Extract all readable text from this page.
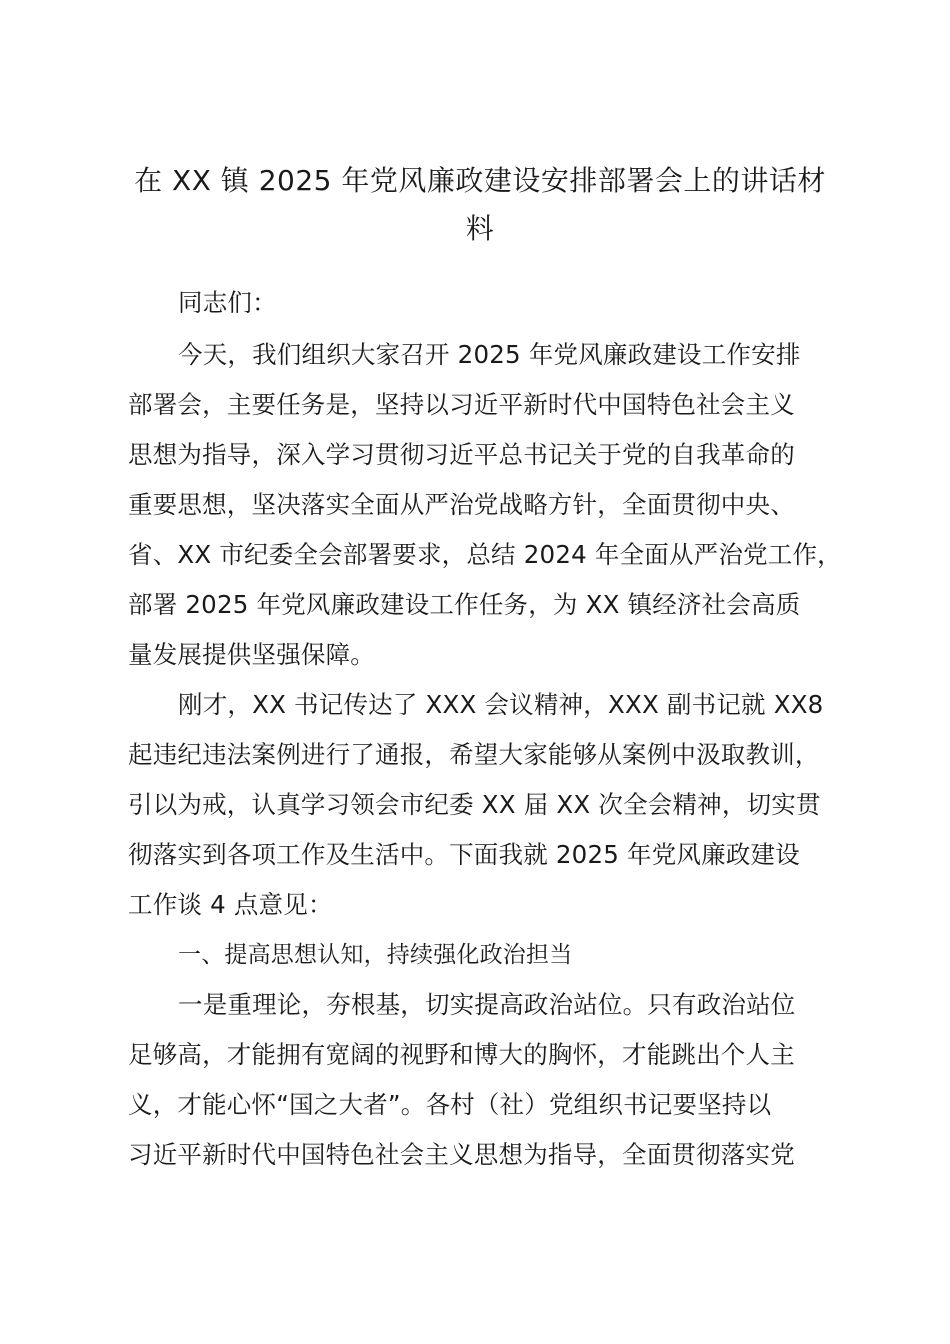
在 XX 镇 2025 年党风廉政建设安排部署会上的讲话材料
同志们：
今天，我们组织大家召开 2025 年党风廉政建设工作安排
部署会，主要任务是，坚持以习近平新时代中国特色社会主义
思想为指导，深入学习贯彻习近平总书记关于党的自我革命的
重要思想，坚决落实全面从严治党战略方针，全面贯彻中央、
省、XX 市纪委全会部署要求，总结 2024 年全面从严治党工作，
部署 2025 年党风廉政建设工作任务，为 XX 镇经济社会高质
量发展提供坚强保障。
刚才，XX 书记传达了 XXX 会议精神，XXX 副书记就 XX8
起违纪违法案例进行了通报，希望大家能够从案例中汲取教训，
引以为戒，认真学习领会市纪委 XX 届 XX 次全会精神，切实贯
彻落实到各项工作及生活中。下面我就 2025 年党风廉政建设
工作谈 4 点意见：
一、提高思想认知，持续强化政治担当
一是重理论，夯根基，切实提高政治站位。只有政治站位
足够高，才能拥有宽阔的视野和博大的胸怀，才能跳出个人主
义，才能心怀“国之大者”。各村（社）党组织书记要坚持以
习近平新时代中国特色社会主义思想为指导，全面贯彻落实党
